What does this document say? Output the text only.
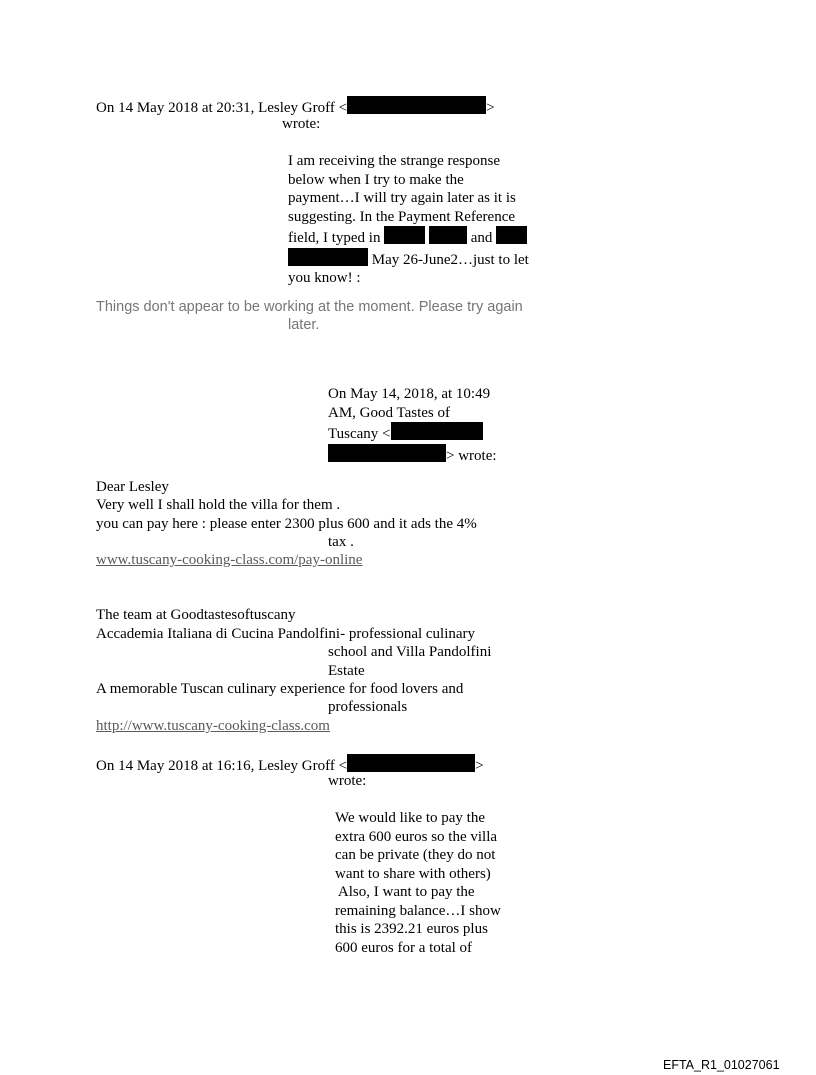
On 14 May 2018 at 20:31, Lesley Groff <	>
wrote:
I am receiving the strange response
below when I try to make the
payment…I will try again later as it is
suggesting. In the Payment Reference
field, I typed in	and
May 26-June2…just to let
you know! :
Things don't appear to be working at the moment. Please try again
later.
On May 14, 2018, at 10:49
AM, Good Tastes of
Tuscany <
> wrote:
Dear Lesley
Very well I shall hold the villa for them .
you can pay here : please enter 2300 plus 600 and it ads the 4%
tax .
www.tuscany-cooking-class.com/pay-online
The team at Goodtastesoftuscany
Accademia Italiana di Cucina Pandolfini- professional culinary
school and Villa Pandolfini
Estate
A memorable Tuscan culinary experience for food lovers and
professionals
http://www.tuscany-cooking-class.com
On 14 May 2018 at 16:16, Lesley Groff <	>
wrote:
We would like to pay the
extra 600 euros so the villa
can be private (they do not
want to share with others)
Also, I want to pay the
remaining balance…I show
this is 2392.21 euros plus
600 euros for a total of
EFTA_R1_01027061
